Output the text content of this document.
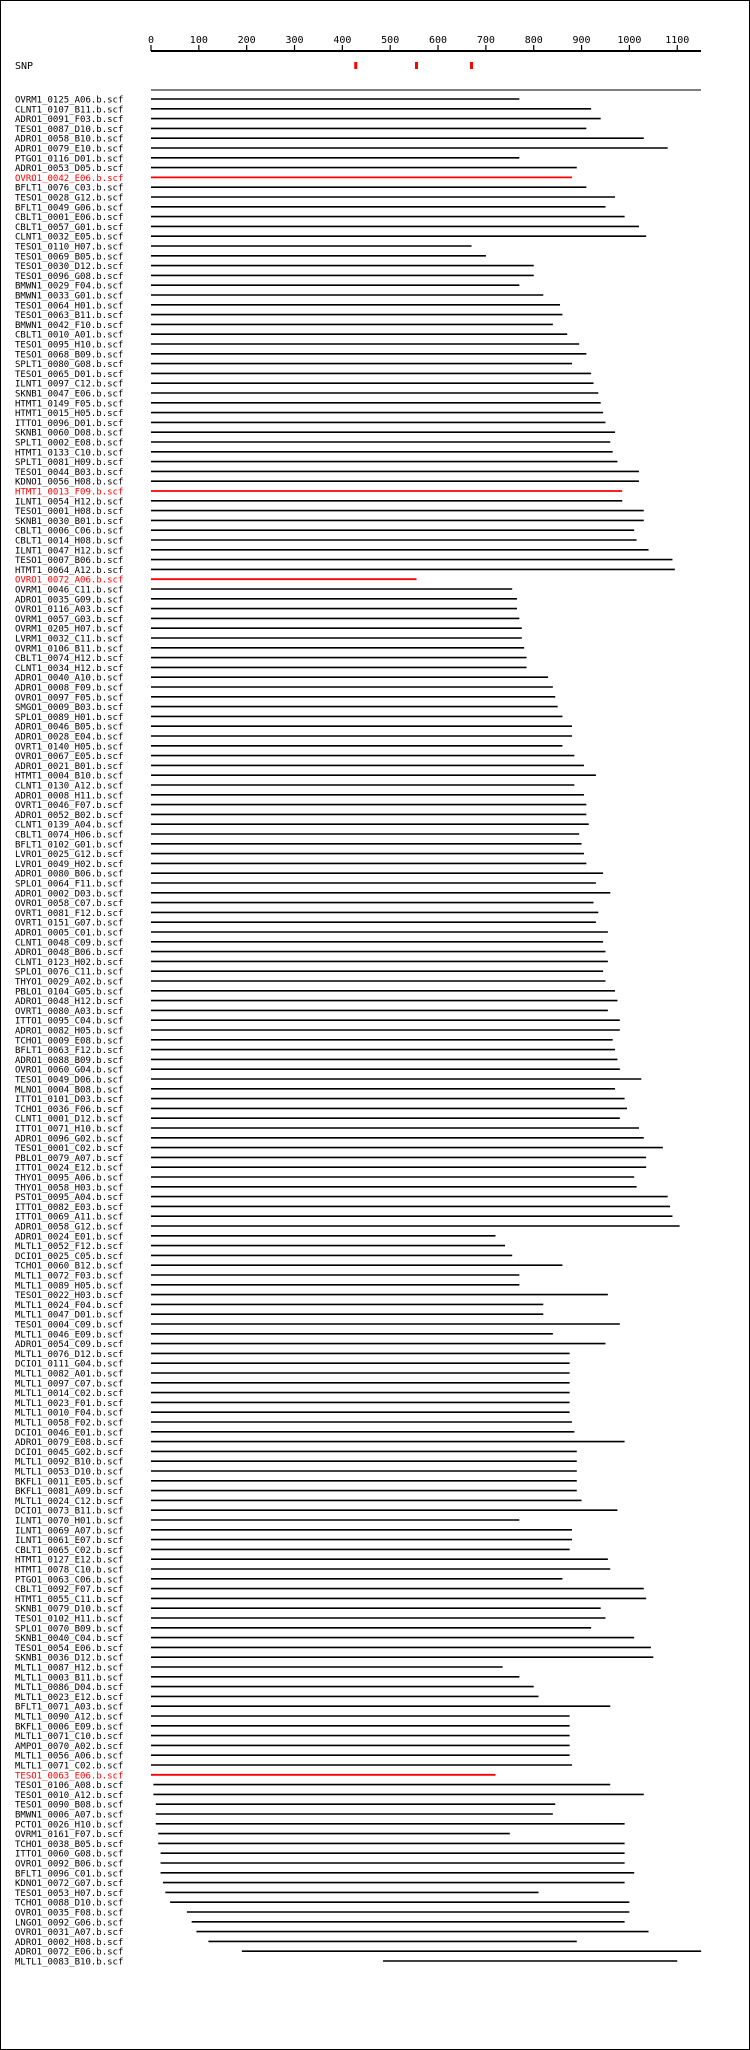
0	100	200	300	400	500	600	700	800	900	1000 1100
SNP
OVRM1_0125_A06.b.scf
CLNT1_0107_B11.b.scf
ADRO1_0091_F03.b.scf
TESO1_0087_D10.b.scf
ADRO1_0058_B10.b.scf
ADRO1_0079_E10.b.scf
PTGO1_0116_D01.b.scf
ADRO1_0053_D05.b.scf
OVRO1_0042_E06.b.scf
BFLT1_0076_C03.b.scf
TESO1_0028_G12.b.scf
BFLT1_0049_G06.b.scf
CBLT1_0001_E06.b.scf
CBLT1_0057_G01.b.scf
CLNT1_0032_E05.b.scf
TESO1_0110_H07.b.scf
TESO1_0069_B05.b.scf
TESO1_0030_D12.b.scf
TESO1_0096_G08.b.scf
BMWN1_0029_F04.b.scf
BMWN1_0033_G01.b.scf
TESO1_0064_H01.b.scf
TESO1_0063_B11.b.scf
BMWN1_0042_F10.b.scf
CBLT1_0010_A01.b.scf
TESO1_0095_H10.b.scf
TESO1_0068_B09.b.scf
SPLT1_0080_G08.b.scf
TESO1_0065_D01.b.scf
ILNT1_0097_C12.b.scf
SKNB1_0047_E06.b.scf
HTMT1_0149_F05.b.scf
HTMT1_0015_H05.b.scf
ITTO1_0096_D01.b.scf
SKNB1_0060_D08.b.scf
SPLT1_0002_E08.b.scf
HTMT1_0133_C10.b.scf
SPLT1_0081_H09.b.scf
TESO1_0044_B03.b.scf
KDNO1_0056_H08.b.scf
HTMT1_0013_F09.b.scf
ILNT1_0054_H12.b.scf
TESO1_0001_H08.b.scf
SKNB1_0030_B01.b.scf
CBLT1_0006_C06.b.scf
CBLT1_0014_H08.b.scf
ILNT1_0047_H12.b.scf
TESO1_0007_B06.b.scf
HTMT1_0064_A12.b.scf
OVRO1_0072_A06.b.scf
OVRM1_0046_C11.b.scf
ADRO1_0035_G09.b.scf
OVRO1_0116_A03.b.scf
OVRM1_0057_G03.b.scf
OVRM1_0205_H07.b.scf
LVRM1_0032_C11.b.scf
OVRM1_0106_B11.b.scf
CBLT1_0074_H12.b.scf
CLNT1_0034_H12.b.scf
ADRO1_0040_A10.b.scf
ADRO1_0008_F09.b.scf
OVRO1_0097_F05.b.scf
SMGO1_0009_B03.b.scf
SPLO1_0089_H01.b.scf
ADRO1_0046_B05.b.scf
ADRO1_0028_E04.b.scf
OVRT1_0140_H05.b.scf
OVRO1_0067_E05.b.scf
ADRO1_0021_B01.b.scf
HTMT1_0004_B10.b.scf
CLNT1_0130_A12.b.scf
ADRO1_0008_H11.b.scf
OVRT1_0046_F07.b.scf
ADRO1_0052_B02.b.scf
CLNT1_0139_A04.b.scf
CBLT1_0074_H06.b.scf
BFLT1_0102_G01.b.scf
LVRO1_0025_G12.b.scf
LVRO1_0049_H02.b.scf
ADRO1_0080_B06.b.scf
SPLO1_0064_F11.b.scf
ADRO1_0002_D03.b.scf
OVRO1_0058_C07.b.scf
OVRT1_0081_F12.b.scf
OVRT1_0151_G07.b.scf
ADRO1_0005_C01.b.scf
CLNT1_0048_C09.b.scf
ADRO1_0048_B06.b.scf
CLNT1_0123_H02.b.scf
SPLO1_0076_C11.b.scf
THYO1_0029_A02.b.scf
PBLO1_0104_G05.b.scf
ADRO1_0048_H12.b.scf
OVRT1_0080_A03.b.scf
ITTO1_0095_C04.b.scf
ADRO1_0082_H05.b.scf
TCHO1_0009_E08.b.scf
BFLT1_0063_F12.b.scf
ADRO1_0088_B09.b.scf
OVRO1_0060_G04.b.scf
TESO1_0049_D06.b.scf
MLNO1_0004_B08.b.scf
ITTO1_0101_D03.b.scf
TCHO1_0036_F06.b.scf
CLNT1_0001_D12.b.scf
ITTO1_0071_H10.b.scf
ADRO1_0096_G02.b.scf
TESO1_0001_C02.b.scf
PBLO1_0079_A07.b.scf
ITTO1_0024_E12.b.scf
THYO1_0095_A06.b.scf
THYO1_0058_H03.b.scf
PSTO1_0095_A04.b.scf
ITTO1_0082_E03.b.scf
ITTO1_0069_A11.b.scf
ADRO1_0058_G12.b.scf
ADRO1_0024_E01.b.scf
MLTL1_0052_F12.b.scf
DCIO1_0025_C05.b.scf
TCHO1_0060_B12.b.scf
MLTL1_0072_F03.b.scf
MLTL1_0089_H05.b.scf
TESO1_0022_H03.b.scf
MLTL1_0024_F04.b.scf
MLTL1_0047_D01.b.scf
TESO1_0004_C09.b.scf
MLTL1_0046_E09.b.scf
ADRO1_0054_C09.b.scf
MLTL1_0076_D12.b.scf
DCIO1_0111_G04.b.scf
MLTL1_0082_A01.b.scf
MLTL1_0097_C07.b.scf
MLTL1_0014_C02.b.scf
MLTL1_0023_F01.b.scf
MLTL1_0010_F04.b.scf
MLTL1_0058_F02.b.scf
DCIO1_0046_E01.b.scf
ADRO1_0079_E08.b.scf
DCIO1_0045_G02.b.scf
MLTL1_0092_B10.b.scf
MLTL1_0053_D10.b.scf
BKFL1_0011_E05.b.scf
BKFL1_0081_A09.b.scf
MLTL1_0024_C12.b.scf
DCIO1_0073_B11.b.scf
ILNT1_0070_H01.b.scf
ILNT1_0069_A07.b.scf
ILNT1_0061_E07.b.scf
CBLT1_0065_C02.b.scf
HTMT1_0127_E12.b.scf
HTMT1_0078_C10.b.scf
PTGO1_0063_C06.b.scf
CBLT1_0092_F07.b.scf
HTMT1_0055_C11.b.scf
SKNB1_0079_D10.b.scf
TESO1_0102_H11.b.scf
SPLO1_0070_B09.b.scf
SKNB1_0040_C04.b.scf
TESO1_0054_E06.b.scf
SKNB1_0036_D12.b.scf
MLTL1_0087_H12.b.scf
MLTL1_0003_B11.b.scf
MLTL1_0086_D04.b.scf
MLTL1_0023_E12.b.scf
BFLT1_0071_A03.b.scf
MLTL1_0090_A12.b.scf
BKFL1_0006_E09.b.scf
MLTL1_0071_C10.b.scf
AMPO1_0070_A02.b.scf
MLTL1_0056_A06.b.scf
MLTL1_0071_C02.b.scf
TESO1_0063_E06.b.scf
TESO1_0106_A08.b.scf
TESO1_0010_A12.b.scf
TESO1_0090_B08.b.scf
BMWN1_0006_A07.b.scf
PCTO1_0026_H10.b.scf
OVRM1_0161_F07.b.scf
TCHO1_0038_B05.b.scf
ITTO1_0060_G08.b.scf
OVRO1_0092_B06.b.scf
BFLT1_0096_C01.b.scf
KDNO1_0072_G07.b.scf
TESO1_0053_H07.b.scf
TCHO1_0088_D10.b.scf
OVRO1_0035_F08.b.scf
LNGO1_0092_G06.b.scf
OVRO1_0031_A07.b.scf
ADRO1_0002_H08.b.scf
ADRO1_0072_E06.b.scf
MLTL1_0083_B10.b.scf
